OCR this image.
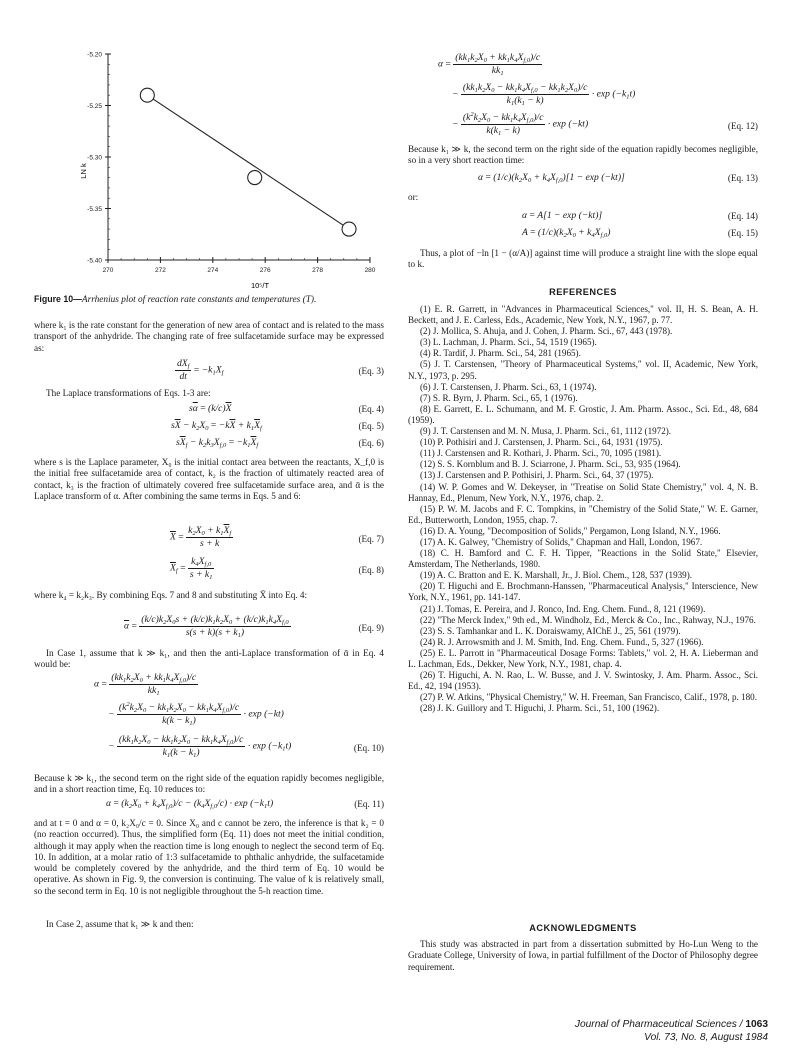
-5.20
-5.25
-5.30
-5.35
-5.40
270	272	274	276	278	280
LN k
10⁵/T
Figure 10—Arrhenius plot of reaction rate constants and temperatures (T).

where k₁ is the rate constant for the generation of new area of contact and is related to the mass transport of the anhydride. The changing rate of free sulfacetamide surface may be expressed as:

$\frac{dX_f}{dt} = -k_1X_f$	(Eq. 3)

The Laplace transformations of Eqs. 1-3 are:

$s\overline{\alpha} = (k/c)\overline{X}$	(Eq. 4)
$s\overline{X} - k_2X_0 = -k\overline{X} + k_1\overline{X}_f$	(Eq. 5)
$s\overline{X}_f - k_2k_3X_{f,0} = -k_1\overline{X}_f$	(Eq. 6)

where s is the Laplace parameter, X₀ is the initial contact area between the reactants, X_f,0 is the initial free sulfacetamide area of contact, k₂ is the fraction of ultimately reacted area of contact, k₃ is the fraction of ultimately covered free sulfacetamide surface area, and ᾱ is the Laplace transform of α. After combining the same terms in Eqs. 5 and 6:

$\overline{X} = \frac{k_2X_0 + k_1\overline{X}_f}{s + k}$	(Eq. 7)
$\overline{X}_f = \frac{k_4X_{f,0}}{s + k_1}$	(Eq. 8)

where k₄ = k₂k₃. By combining Eqs. 7 and 8 and substituting X̄ into Eq. 4:

$\overline{\alpha} = \frac{(k/c)k_2X_0s + (k/c)k_1k_2X_0 + (k/c)k_1k_4X_{f,0}}{s(s + k)(s + k_1)}$	(Eq. 9)

In Case 1, assume that k ≫ k₁, and then the anti-Laplace transformation of ᾱ in Eq. 4 would be:

$\alpha = \frac{(kk_1k_2X_0 + kk_1k_4X_{f,0})/c}{kk_1}$
− $\frac{(k^2k_2X_0 - kk_1k_2X_0 - kk_1k_4X_{f,0})/c}{k(k - k_1)} \cdot \exp (-kt)$
− $\frac{(kk_1k_2X_0 - kk_1k_2X_0 - kk_1k_4X_{f,0})/c}{k_1(k - k_1)} \cdot \exp (-k_1t)$	(Eq. 10)

Because k ≫ k₁, the second term on the right side of the equation rapidly becomes negligible, and in a short reaction time, Eq. 10 reduces to:

$\alpha = (k_2X_0 + k_4X_{f,0})/c - (k_4X_{f,0}/c) \cdot \exp (-k_1t)$	(Eq. 11)

and at t = 0 and α = 0, k₂X₀/c = 0. Since X₀ and c cannot be zero, the inference is that k₂ = 0 (no reaction occurred). Thus, the simplified form (Eq. 11) does not meet the initial condition, although it may apply when the reaction time is long enough to neglect the second term of Eq. 10. In addition, at a molar ratio of 1:3 sulfacetamide to phthalic anhydride, the sulfacetamide would be completely covered by the anhydride, and the third term of Eq. 10 would be operative. As shown in Fig. 9, the conversion is continuing. The value of k is relatively small, so the second term in Eq. 10 is not negligible throughout the 5-h reaction time.

In Case 2, assume that k₁ ≫ k and then:

$\alpha = \frac{(kk_1k_2X_0 + kk_1k_4X_{f,0})/c}{kk_1}$
− $\frac{(kk_1k_2X_0 - kk_1k_4X_{f,0} - kk_1k_2X_0)/c}{k_1(k_1 - k)} \cdot \exp (-k_1t)$
− $\frac{(k^2k_2X_0 - kk_1k_4X_{f,0})/c}{k(k_1 - k)} \cdot \exp (-kt)$	(Eq. 12)

Because k₁ ≫ k, the second term on the right side of the equation rapidly becomes negligible, so in a very short reaction time:

$\alpha = (1/c)(k_2X_0 + k_4X_{f,0})[1 - \exp (-kt)]$	(Eq. 13)

or:

α = A[1 − exp (−kt)]	(Eq. 14)
$A = (1/c)(k_2X_0 + k_4X_{f,0})$	(Eq. 15)

Thus, a plot of −ln [1 − (α/A)] against time will produce a straight line with the slope equal to k.

REFERENCES

(1) E. R. Garrett, in "Advances in Pharmaceutical Sciences," vol. II, H. S. Bean, A. H. Beckett, and J. E. Carless, Eds., Academic, New York, N.Y., 1967, p. 77.

(2) J. Mollica, S. Ahuja, and J. Cohen, J. Pharm. Sci., 67, 443 (1978).

(3) L. Lachman, J. Pharm. Sci., 54, 1519 (1965).

(4) R. Tardif, J. Pharm. Sci., 54, 281 (1965).

(5) J. T. Carstensen, "Theory of Pharmaceutical Systems," vol. II, Academic, New York, N.Y., 1973, p. 295.

(6) J. T. Carstensen, J. Pharm. Sci., 63, 1 (1974).

(7) S. R. Byrn, J. Pharm. Sci., 65, 1 (1976).

(8) E. Garrett, E. L. Schumann, and M. F. Grostic, J. Am. Pharm. Assoc., Sci. Ed., 48, 684 (1959).

(9) J. T. Carstensen and M. N. Musa, J. Pharm. Sci., 61, 1112 (1972).

(10) P. Pothisiri and J. Carstensen, J. Pharm. Sci., 64, 1931 (1975).

(11) J. Carstensen and R. Kothari, J. Pharm. Sci., 70, 1095 (1981).

(12) S. S. Kornblum and B. J. Sciarrone, J. Pharm. Sci., 53, 935 (1964).

(13) J. Carstensen and P. Pothisiri, J. Pharm. Sci., 64, 37 (1975).

(14) W. P. Gomes and W. Dekeyser, in "Treatise on Solid State Chemistry," vol. 4, N. B. Hannay, Ed., Plenum, New York, N.Y., 1976, chap. 2.

(15) P. W. M. Jacobs and F. C. Tompkins, in "Chemistry of the Solid State," W. E. Garner, Ed., Butterworth, London, 1955, chap. 7.

(16) D. A. Young, "Decomposition of Solids," Pergamon, Long Island, N.Y., 1966.

(17) A. K. Galwey, "Chemistry of Solids," Chapman and Hall, London, 1967.

(18) C. H. Bamford and C. F. H. Tipper, "Reactions in the Solid State," Elsevier, Amsterdam, The Netherlands, 1980.

(19) A. C. Bratton and E. K. Marshall, Jr., J. Biol. Chem., 128, 537 (1939).

(20) T. Higuchi and E. Brochmann-Hanssen, "Pharmaceutical Analysis," Interscience, New York, N.Y., 1961, pp. 141-147.

(21) J. Tomas, E. Pereira, and J. Ronco, Ind. Eng. Chem. Fund., 8, 121 (1969).

(22) "The Merck Index," 9th ed., M. Windholz, Ed., Merck & Co., Inc., Rahway, N.J., 1976.

(23) S. S. Tamhankar and L. K. Doraiswamy, AIChE J., 25, 561 (1979).

(24) R. J. Arrowsmith and J. M. Smith, Ind. Eng. Chem. Fund., 5, 327 (1966).

(25) E. L. Parrott in "Pharmaceutical Dosage Forms: Tablets," vol. 2, H. A. Lieberman and L. Lachman, Eds., Dekker, New York, N.Y., 1981, chap. 4.

(26) T. Higuchi, A. N. Rao, L. W. Busse, and J. V. Swintosky, J. Am. Pharm. Assoc., Sci. Ed., 42, 194 (1953).

(27) P. W. Atkins, "Physical Chemistry," W. H. Freeman, San Francisco, Calif., 1978, p. 180.

(28) J. K. Guillory and T. Higuchi, J. Pharm. Sci., 51, 100 (1962).

ACKNOWLEDGMENTS

This study was abstracted in part from a dissertation submitted by Ho-Lun Weng to the Graduate College, University of Iowa, in partial fulfillment of the Doctor of Philosophy degree requirement.

Journal of Pharmaceutical Sciences / 1063
Vol. 73, No. 8, August 1984
